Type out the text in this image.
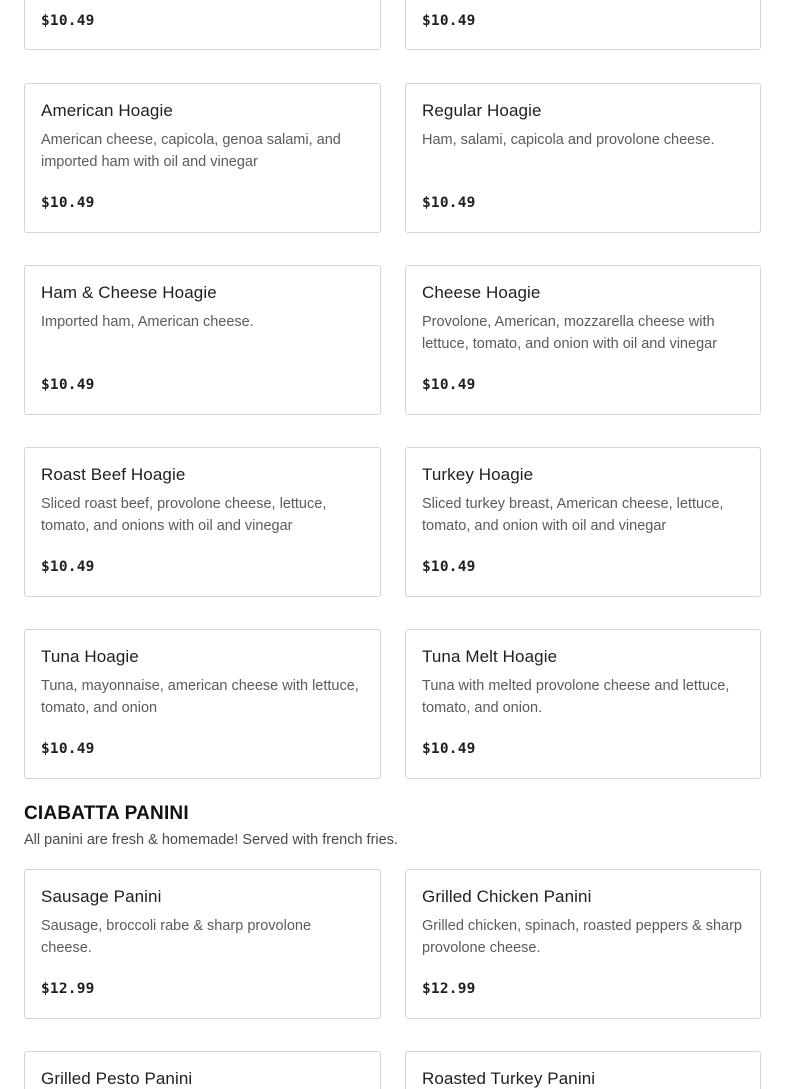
$10.49	$10.49
American Hoagie
American cheese, capicola, genoa salami, and imported ham with oil and vinegar
$10.49
Regular Hoagie
Ham, salami, capicola and provolone cheese.
$10.49
Ham & Cheese Hoagie
Imported ham, American cheese.
$10.49
Cheese Hoagie
Provolone, American, mozzarella cheese with lettuce, tomato, and onion with oil and vinegar
$10.49
Roast Beef Hoagie
Sliced roast beef, provolone cheese, lettuce, tomato, and onions with oil and vinegar
$10.49
Turkey Hoagie
Sliced turkey breast, American cheese, lettuce, tomato, and onion with oil and vinegar
$10.49
Tuna Hoagie
Tuna, mayonnaise, american cheese with lettuce, tomato, and onion
$10.49
Tuna Melt Hoagie
Tuna with melted provolone cheese and lettuce, tomato, and onion.
$10.49
CIABATTA PANINI
All panini are fresh & homemade! Served with french fries.
Sausage Panini
Sausage, broccoli rabe & sharp provolone cheese.
$12.99
Grilled Chicken Panini
Grilled chicken, spinach, roasted peppers & sharp provolone cheese.
$12.99
Grilled Pesto Panini	Roasted Turkey Panini
